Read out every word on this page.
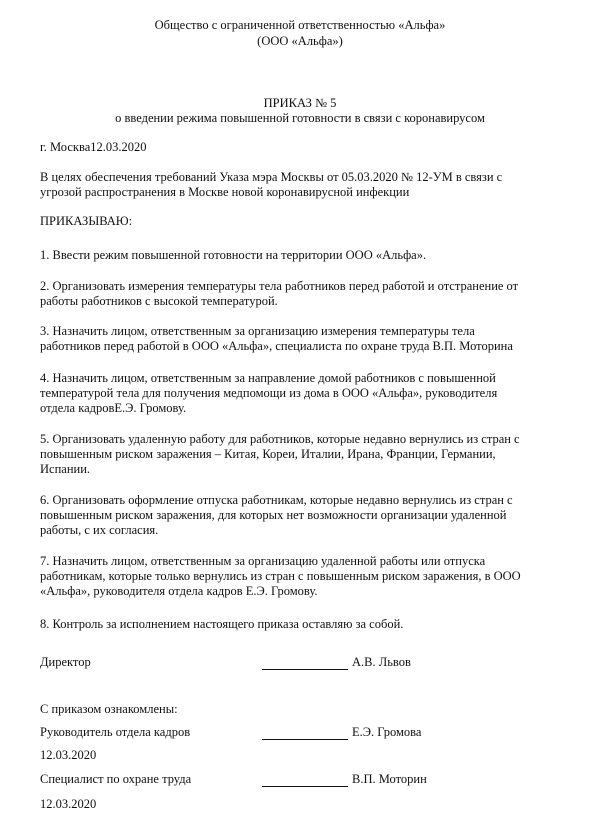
Общество с ограниченной ответственностью «Альфа»
(ООО «Альфа»)
ПРИКАЗ № 5
о введении режима повышенной готовности в связи с коронавирусом
г. Москва12.03.2020
В целях обеспечения требований Указа мэра Москвы от 05.03.2020 № 12-УМ в связи с
угрозой распространения в Москве новой коронавирусной инфекции
ПРИКАЗЫВАЮ:
1. Ввести режим повышенной готовности на территории ООО «Альфа».
2. Организовать измерения температуры тела работников перед работой и отстранение от
работы работников с высокой температурой.
3. Назначить лицом, ответственным за организацию измерения температуры тела
работников перед работой в ООО «Альфа», специалиста по охране труда В.П. Моторина
4. Назначить лицом, ответственным за направление домой работников с повышенной
температурой тела для получения медпомощи из дома в ООО «Альфа», руководителя
отдела кадровЕ.Э. Громову.
5. Организовать удаленную работу для работников, которые недавно вернулись из стран с
повышенным риском заражения – Китая, Кореи, Италии, Ирана, Франции, Германии,
Испании.
6. Организовать оформление отпуска работникам, которые недавно вернулись из стран с
повышенным риском заражения, для которых нет возможности организации удаленной
работы, с их согласия.
7. Назначить лицом, ответственным за организацию удаленной работы или отпуска
работникам, которые только вернулись из стран с повышенным риском заражения, в ООО
«Альфа», руководителя отдела кадров Е.Э. Громову.
8. Контроль за исполнением настоящего приказа оставляю за собой.
Директор	А.В. Львов
С приказом ознакомлены:
Руководитель отдела кадров	Е.Э. Громова
12.03.2020
Специалист по охране труда	В.П. Моторин
12.03.2020
